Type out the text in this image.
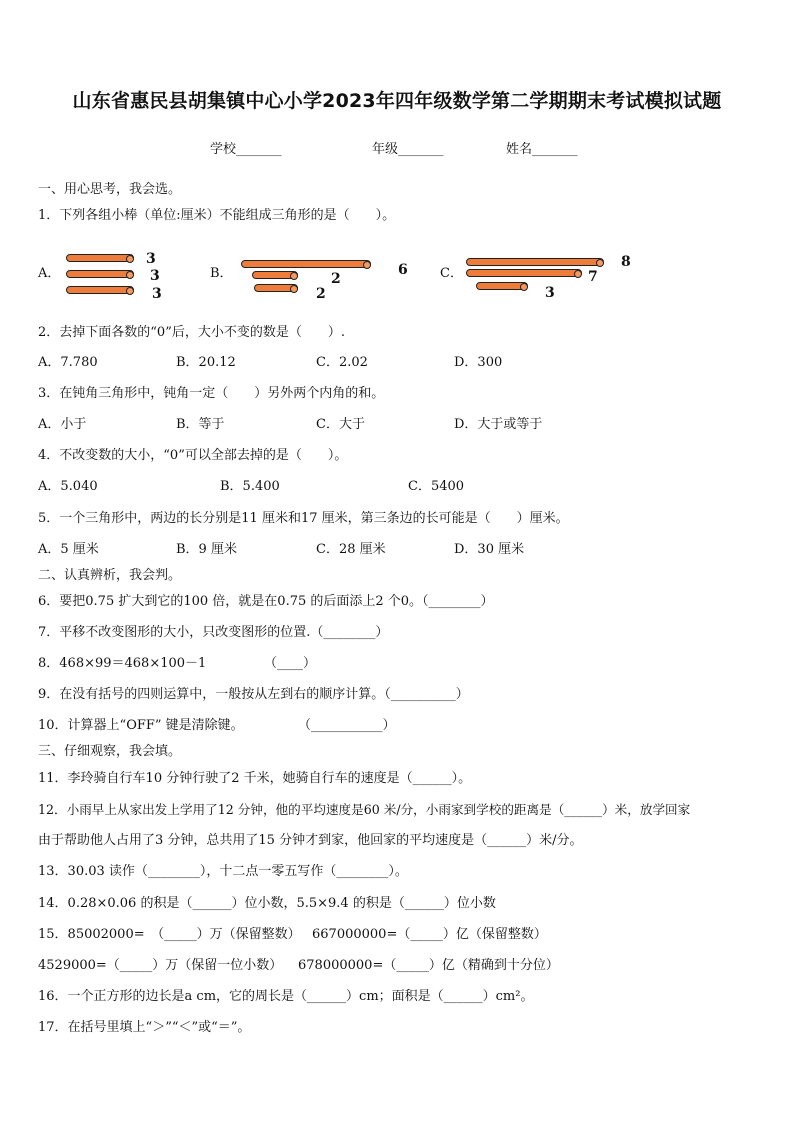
山东省惠民县胡集镇中心小学2023年四年级数学第二学期期末考试模拟试题
学校_______	年级_______	姓名_______
一、用心思考，我会选。
1．下列各组小棒（单位:厘米）不能组成三角形的是（　　）。
A．
3
3
3
B．	6
2
2
C．
8
7
3
2．去掉下面各数的“0”后，大小不变的数是（　　）.
A．7.780	B．20.12	C．2.02	D．300
3．在钝角三角形中，钝角一定（　　）另外两个内角的和。
A．小于	B．等于	C．大于	D．大于或等于
4．不改变数的大小，“0”可以全部去掉的是（　　）。
A．5.040	B．5.400	C．5400
5．一个三角形中，两边的长分别是11 厘米和17 厘米，第三条边的长可能是（　　）厘米。
A．5 厘米	B．9 厘米	C．28 厘米	D．30 厘米
二、认真辨析，我会判。
6．要把0.75 扩大到它的100 倍，就是在0.75 的后面添上2 个0。（________）
7．平移不改变图形的大小，只改变图形的位置.（________）
8．468×99＝468×100－1	（____）
9．在没有括号的四则运算中，一般按从左到右的顺序计算。（__________）
10．计算器上“OFF” 键是清除键。	（___________）
三、仔细观察，我会填。
11．李玲骑自行车10 分钟行驶了2 千米，她骑自行车的速度是（______）。
12．小雨早上从家出发上学用了12 分钟，他的平均速度是60 米/分，小雨家到学校的距离是（______）米，放学回家
由于帮助他人占用了3 分钟，总共用了15 分钟才到家，他回家的平均速度是（______）米/分。
13．30.03 读作（________），十二点一零五写作（________）。
14．0.28×0.06 的积是（______）位小数，5.5×9.4 的积是（______）位小数
15．85002000=　（_____）万（保留整数） 667000000=（_____）亿（保留整数）
4529000=（_____）万（保留一位小数） 678000000=（_____）亿（精确到十分位）
16．一个正方形的边长是a cm，它的周长是（______）cm；面积是（______）cm²。
17．在括号里填上“＞”“＜”或“＝”。
